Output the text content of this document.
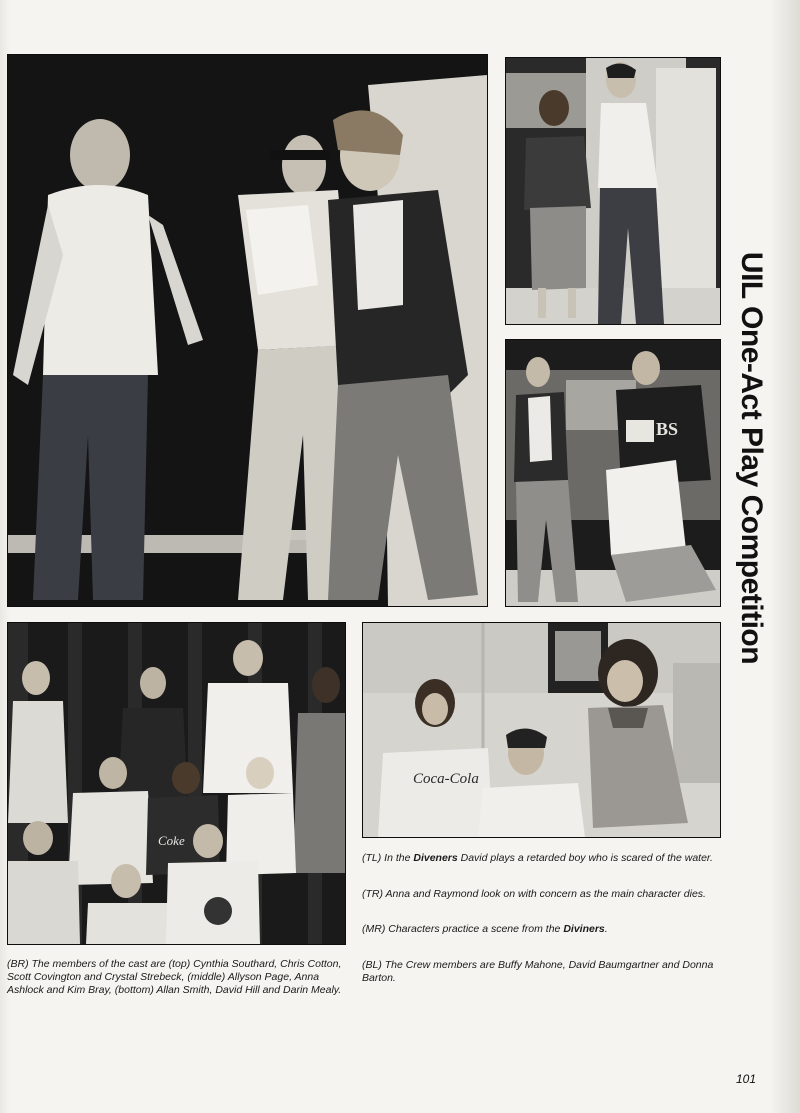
BS
Coke
Coca-Cola
UIL One-Act Play Competition
(TL) In the Diveners David plays a retarded boy who is scared of the water.
(TR) Anna and Raymond look on with concern as the main character dies.
(MR) Characters practice a scene from the Diviners.
(BL) The Crew members are Buffy Mahone, David Baumgartner and Donna Barton.
(BR) The members of the cast are (top) Cynthia Southard, Chris Cotton, Scott Covington and Crystal Strebeck, (middle) Allyson Page, Anna Ashlock and Kim Bray, (bottom) Allan Smith, David Hill and Darin Mealy.
101
